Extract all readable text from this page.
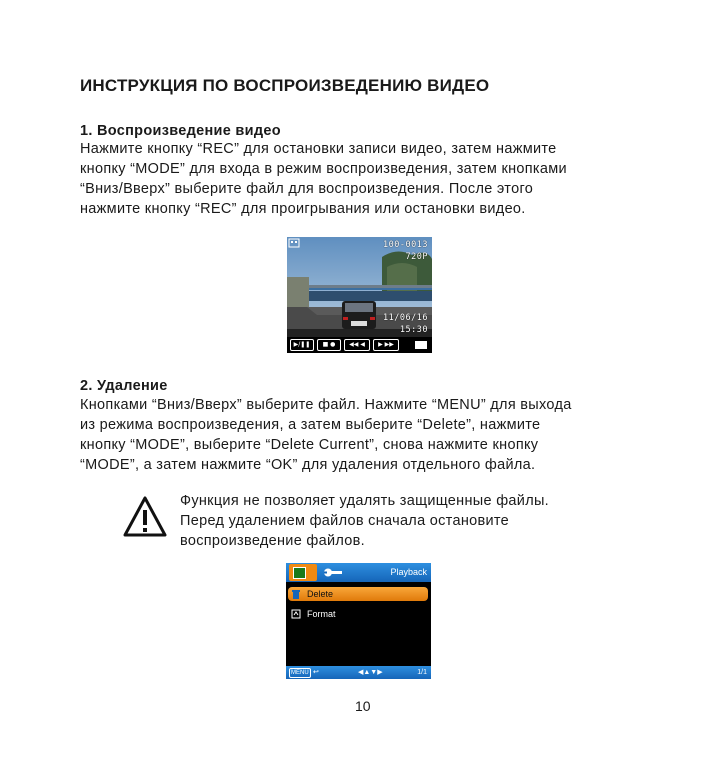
ИНСТРУКЦИЯ ПО ВОСПРОИЗВЕДЕНИЮ ВИДЕО
1. Воспроизведение видео
Нажмите кнопку “REC” для остановки записи видео, затем нажмите
кнопку “MODE” для входа в режим воспроизведения, затем кнопками
“Вниз/Вверх” выберите файл для воспроизведения. После этого
нажмите кнопку “REC” для проигрывания или остановки видео.
100-0013
720P
11/06/16
15:30
▶/❚❚	■ ●	◀◀ ◀	▶ ▶▶
2. Удаление
Кнопками “Вниз/Вверх” выберите файл. Нажмите “MENU” для выхода
из режима воспроизведения, а затем выберите “Delete”, нажмите
кнопку “MODE”, выберите “Delete Current”, снова нажмите кнопку
“MODE”, а затем нажмите “OK” для удаления отдельного файла.
Функция не позволяет удалять защищенные файлы.
Перед удалением файлов сначала остановите
воспроизведение файлов.
Playback
Delete
Format
MENU ↩	◀▲▼▶	1/1
10
